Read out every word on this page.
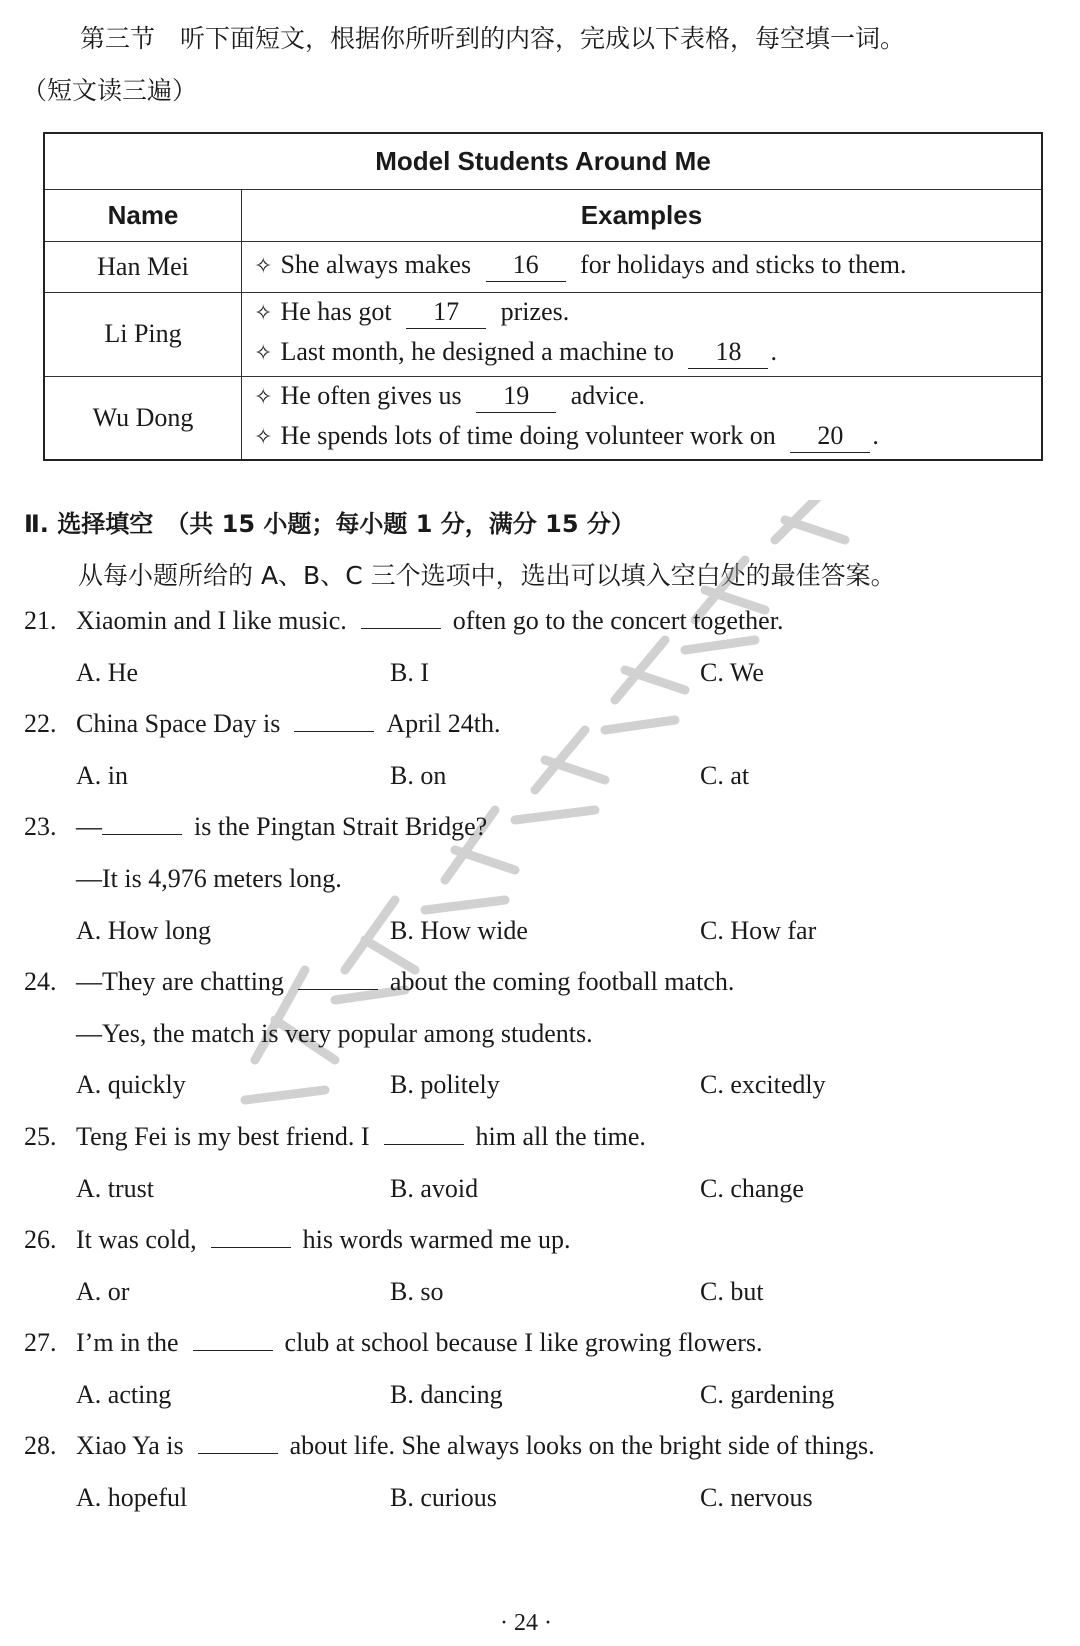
第三节　听下面短文，根据你所听到的内容，完成以下表格，每空填一词。
（短文读三遍）
Model Students Around Me	
Name	Examples
Han Mei	✧ She always makes 16 for holidays and sticks to them.

Li Ping	✧ He has got 17 prizes.
✧ Last month, he designed a machine to 18 .

Wu Dong	✧ He often gives us 19 advice.
✧ He spends lots of time doing volunteer work on 20 .
Ⅱ. 选择填空　（共 15 小题；每小题 1 分，满分 15 分）
从每小题所给的 A、B、C 三个选项中，选出可以填入空白处的最佳答案。
21. Xiaomin and I like music.	often go to the concert together.
A. He	B. I	C. We
22. China Space Day is	April 24th.
A. in	B. on	C. at
23. —	is the Pingtan Strait Bridge?
—It is 4,976 meters long.
A. How long	B. How wide	C. How far
24. —They are chatting	about the coming football match.
—Yes, the match is very popular among students.
A. quickly	B. politely	C. excitedly
25. Teng Fei is my best friend. I	him all the time.
A. trust	B. avoid	C. change
26. It was cold,	his words warmed me up.
A. or	B. so	C. but
27. I’m in the	club at school because I like growing flowers.
A. acting	B. dancing	C. gardening
28. Xiao Ya is	about life. She always looks on the bright side of things.
A. hopeful	B. curious	C. nervous
· 24 ·
